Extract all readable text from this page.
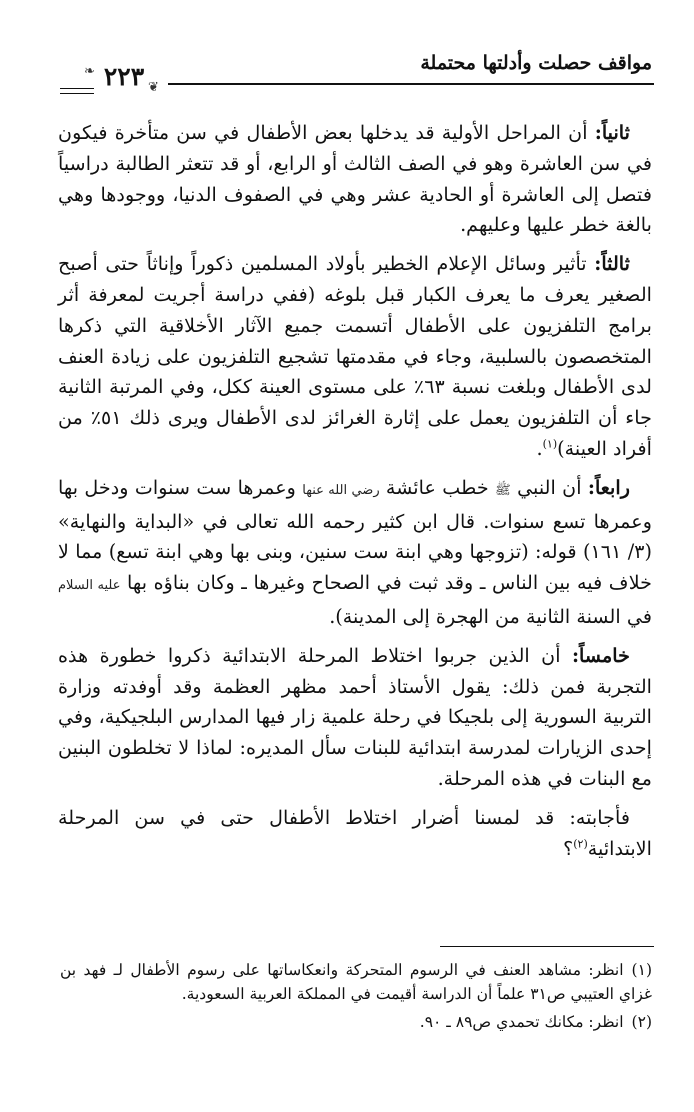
مواقف حصلت وأدلتها محتملة
❧
❦
٢٢٣

ثانياً: أن المراحل الأولية قد يدخلها بعض الأطفال في سن متأخرة فيكون في سن العاشرة وهو في الصف الثالث أو الرابع، أو قد تتعثر الطالبة دراسياً فتصل إلى العاشرة أو الحادية عشر وهي في الصفوف الدنيا، ووجودها وهي بالغة خطر عليها وعليهم.

ثالثاً: تأثير وسائل الإعلام الخطير بأولاد المسلمين ذكوراً وإناثاً حتى أصبح الصغير يعرف ما يعرف الكبار قبل بلوغه (ففي دراسة أجريت لمعرفة أثر برامج التلفزيون على الأطفال أتسمت جميع الآثار الأخلاقية التي ذكرها المتخصصون بالسلبية، وجاء في مقدمتها تشجيع التلفزيون على زيادة العنف لدى الأطفال وبلغت نسبة ٦٣٪ على مستوى العينة ككل، وفي المرتبة الثانية جاء أن التلفزيون يعمل على إثارة الغرائز لدى الأطفال ويرى ذلك ٥١٪ من أفراد العينة)$^{(١)}$.

رابعاً: أن النبي ﷺ خطب عائشة رضي الله عنها وعمرها ست سنوات ودخل بها وعمرها تسع سنوات. قال ابن كثير رحمه الله تعالى في «البداية والنهاية» (٣/ ١٦١) قوله: (تزوجها وهي ابنة ست سنين، وبنى بها وهي ابنة تسع) مما لا خلاف فيه بين الناس ـ وقد ثبت في الصحاح وغيرها ـ وكان بناؤه بها عليه السلام في السنة الثانية من الهجرة إلى المدينة).

خامساً: أن الذين جربوا اختلاط المرحلة الابتدائية ذكروا خطورة هذه التجربة فمن ذلك: يقول الأستاذ أحمد مظهر العظمة وقد أوفدته وزارة التربية السورية إلى بلجيكا في رحلة علمية زار فيها المدارس البلجيكية، وفي إحدى الزيارات لمدرسة ابتدائية للبنات سأل المديره: لماذا لا تخلطون البنين مع البنات في هذه المرحلة.

فأجابته: قد لمسنا أضرار اختلاط الأطفال حتى في سن المرحلة الابتدائية$^{(٢)}$؟

(١)انظر: مشاهد العنف في الرسوم المتحركة وانعكاساتها على رسوم الأطفال لـ فهد بن غزاي العتيبي ص٣١ علماً أن الدراسة أقيمت في المملكة العربية السعودية.

(٢)انظر: مكانك تحمدي ص٨٩ ـ ٩٠.
